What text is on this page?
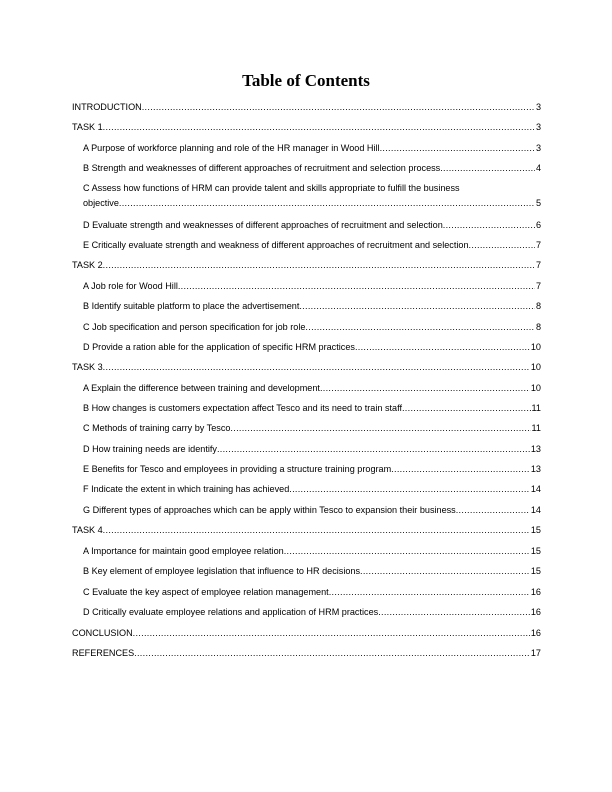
Table of Contents
INTRODUCTION .....	3
TASK 1 .....	3
A Purpose of workforce planning and role of the HR manager in Wood Hill .....	3
B Strength and weaknesses of different approaches of recruitment and selection process .....	4
C Assess how functions of HRM can provide talent and skills appropriate to fulfill the business
objective .....	5
D Evaluate strength and weaknesses of different approaches of recruitment and selection .....	6
E Critically evaluate strength and weakness of different approaches of recruitment and selection .....	7
TASK 2 .....	7
A Job role for Wood Hill .....	7
B Identify suitable platform to place the advertisement .....	8
C Job specification and person specification for job role .....	8
D Provide a ration able for the application of specific HRM practices .....	10
TASK 3 .....	10
A Explain the difference between training and development .....	10
B How changes is customers expectation affect Tesco and its need to train staff .....	11
C Methods of training carry by Tesco .....	11
D How training needs are identify .....	13
E Benefits for Tesco and employees in providing a structure training program .....	13
F Indicate the extent in which training has achieved .....	14
G Different types of approaches which can be apply within Tesco to expansion their business .....	14
TASK 4 .....	15
A Importance for maintain good employee relation .....	15
B Key element of employee legislation that influence to HR decisions .....	15
C Evaluate the key aspect of employee relation management .....	16
D Critically evaluate employee relations and application of HRM practices .....	16
CONCLUSION .....	16
REFERENCES .....	17
